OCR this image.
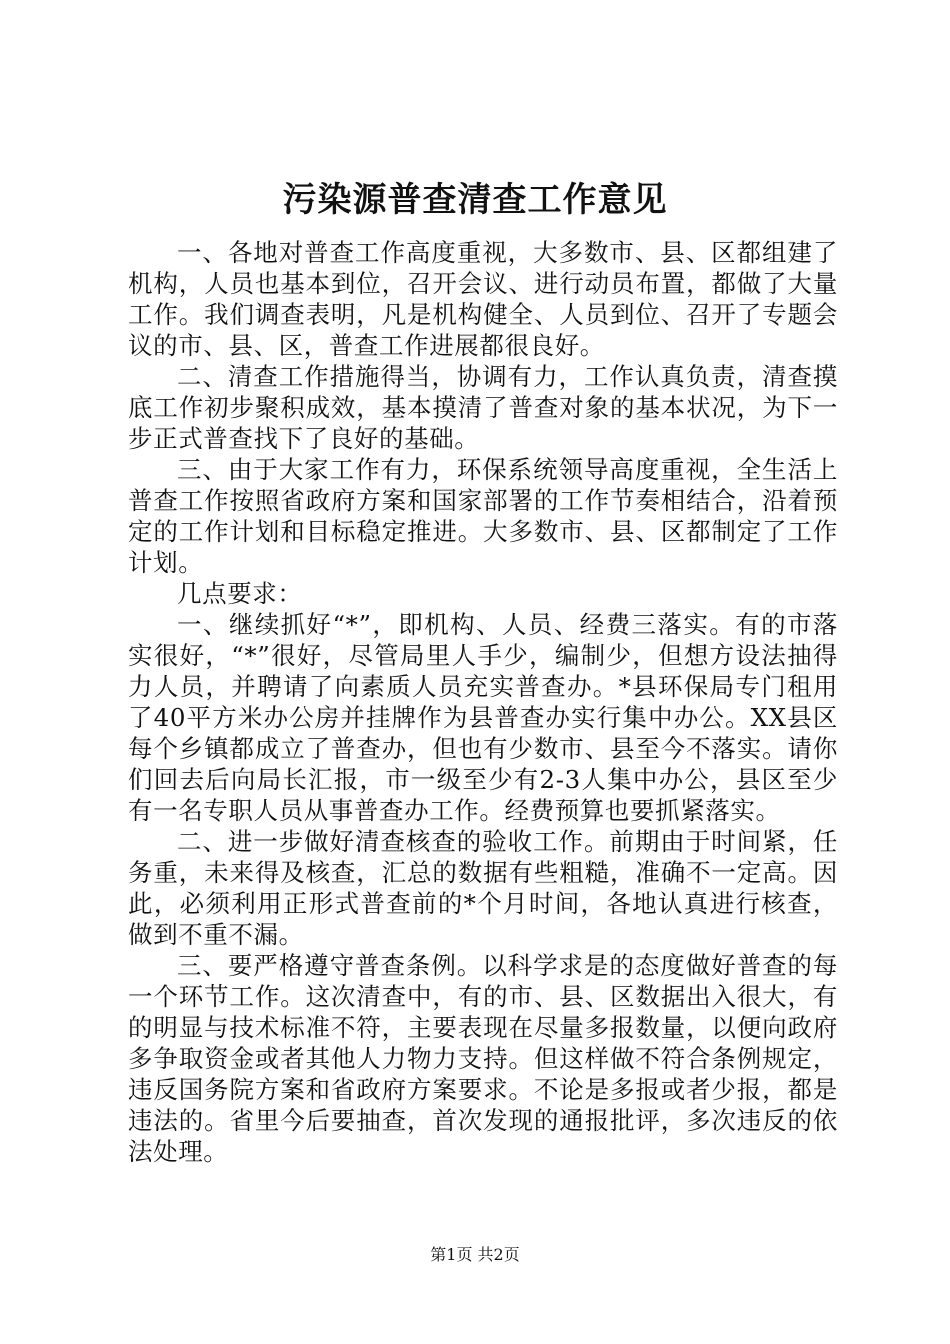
污染源普查清查工作意见

一、各地对普查工作高度重视，大多数市、县、区都组建了机构，人员也基本到位，召开会议、进行动员布置，都做了大量工作。我们调查表明，凡是机构健全、人员到位、召开了专题会议的市、县、区，普查工作进展都很良好。

二、清查工作措施得当，协调有力，工作认真负责，清查摸底工作初步聚积成效，基本摸清了普查对象的基本状况，为下一步正式普查找下了良好的基础。

三、由于大家工作有力，环保系统领导高度重视，全生活上普查工作按照省政府方案和国家部署的工作节奏相结合，沿着预定的工作计划和目标稳定推进。大多数市、县、区都制定了工作计划。

几点要求：

一、继续抓好“*”，即机构、人员、经费三落实。有的市落实很好，“*”很好，尽管局里人手少，编制少，但想方设法抽得力人员，并聘请了向素质人员充实普查办。*县环保局专门租用了40平方米办公房并挂牌作为县普查办实行集中办公。XX县区每个乡镇都成立了普查办，但也有少数市、县至今不落实。请你们回去后向局长汇报，市一级至少有2-3人集中办公，县区至少有一名专职人员从事普查办工作。经费预算也要抓紧落实。

二、进一步做好清查核查的验收工作。前期由于时间紧，任务重，未来得及核查，汇总的数据有些粗糙，准确不一定高。因此，必须利用正形式普查前的*个月时间，各地认真进行核查，做到不重不漏。

三、要严格遵守普查条例。以科学求是的态度做好普查的每一个环节工作。这次清查中，有的市、县、区数据出入很大，有的明显与技术标准不符，主要表现在尽量多报数量，以便向政府多争取资金或者其他人力物力支持。但这样做不符合条例规定，违反国务院方案和省政府方案要求。不论是多报或者少报，都是违法的。省里今后要抽查，首次发现的通报批评，多次违反的依法处理。

第1页 共2页
